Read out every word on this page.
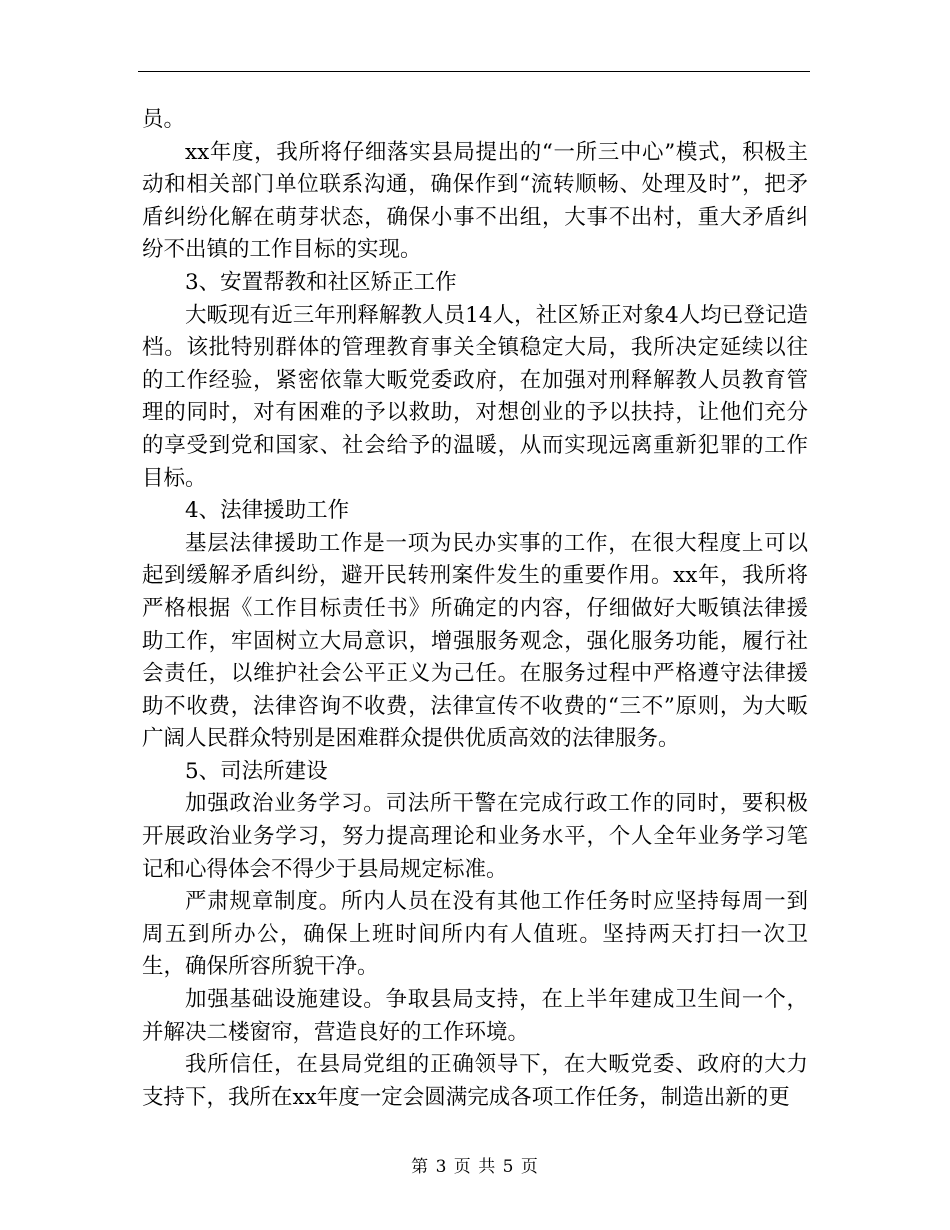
员。

xx年度，我所将仔细落实县局提出的“一所三中心”模式，积极主动和相关部门单位联系沟通，确保作到“流转顺畅、处理及时”，把矛盾纠纷化解在萌芽状态，确保小事不出组，大事不出村，重大矛盾纠纷不出镇的工作目标的实现。

3、安置帮教和社区矫正工作

大畈现有近三年刑释解教人员14人，社区矫正对象4人均已登记造档。该批特别群体的管理教育事关全镇稳定大局，我所决定延续以往的工作经验，紧密依靠大畈党委政府，在加强对刑释解教人员教育管理的同时，对有困难的予以救助，对想创业的予以扶持，让他们充分的享受到党和国家、社会给予的温暖，从而实现远离重新犯罪的工作目标。

4、法律援助工作

基层法律援助工作是一项为民办实事的工作，在很大程度上可以起到缓解矛盾纠纷，避开民转刑案件发生的重要作用。xx年，我所将严格根据《工作目标责任书》所确定的内容，仔细做好大畈镇法律援助工作，牢固树立大局意识，增强服务观念，强化服务功能，履行社会责任，以维护社会公平正义为己任。在服务过程中严格遵守法律援助不收费，法律咨询不收费，法律宣传不收费的“三不”原则，为大畈广阔人民群众特别是困难群众提供优质高效的法律服务。

5、司法所建设

加强政治业务学习。司法所干警在完成行政工作的同时，要积极开展政治业务学习，努力提高理论和业务水平，个人全年业务学习笔记和心得体会不得少于县局规定标准。

严肃规章制度。所内人员在没有其他工作任务时应坚持每周一到周五到所办公，确保上班时间所内有人值班。坚持两天打扫一次卫生，确保所容所貌干净。

加强基础设施建设。争取县局支持，在上半年建成卫生间一个，并解决二楼窗帘，营造良好的工作环境。

我所信任，在县局党组的正确领导下，在大畈党委、政府的大力支持下，我所在xx年度一定会圆满完成各项工作任务，制造出新的更

第 3 页 共 5 页
